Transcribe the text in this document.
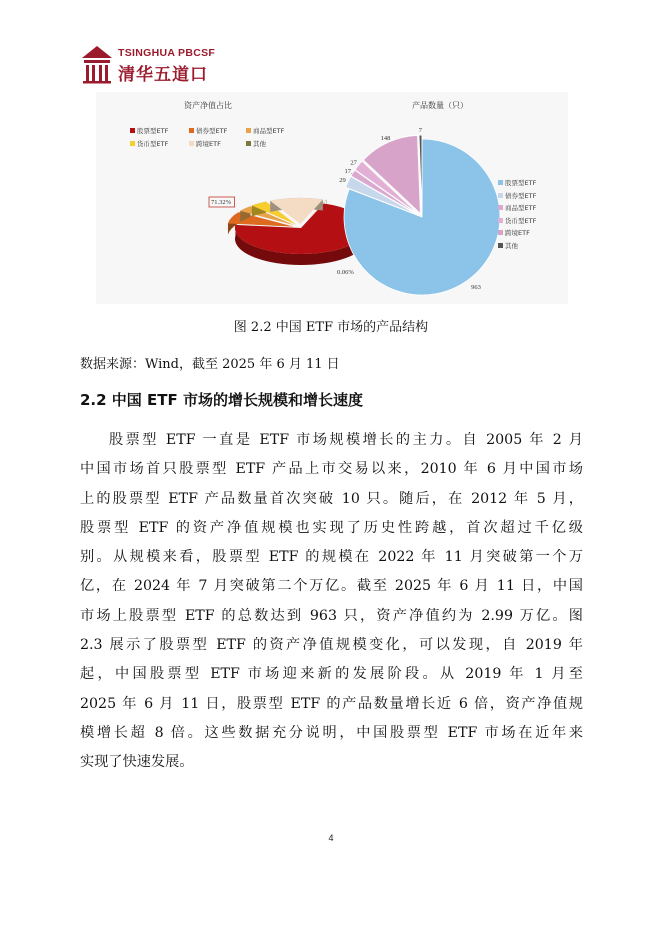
TSINGHUA PBCSF
清华五道口
资产净值占比
股票型ETF	债券型ETF	商品型ETF
货币型ETF	跨境ETF	其他
71.32%
0.06%
产品数量（只）
963
29
17
27
148
7
股票型ETF
债券型ETF
商品型ETF
货币型ETF
跨境ETF
其他
图 2.2 中国 ETF 市场的产品结构
数据来源：Wind，截至 2025 年 6 月 11 日
2.2 中国 ETF 市场的增长规模和增长速度
股票型 ETF 一直是 ETF 市场规模增长的主力。自 2005 年 2 月
中国市场首只股票型 ETF 产品上市交易以来，2010 年 6 月中国市场
上的股票型 ETF 产品数量首次突破 10 只。随后，在 2012 年 5 月，
股票型 ETF 的资产净值规模也实现了历史性跨越，首次超过千亿级
别。从规模来看，股票型 ETF 的规模在 2022 年 11 月突破第一个万
亿，在 2024 年 7 月突破第二个万亿。截至 2025 年 6 月 11 日，中国
市场上股票型 ETF 的总数达到 963 只，资产净值约为 2.99 万亿。图
2.3 展示了股票型 ETF 的资产净值规模变化，可以发现，自 2019 年
起，中国股票型 ETF 市场迎来新的发展阶段。从 2019 年 1 月至
2025 年 6 月 11 日，股票型 ETF 的产品数量增长近 6 倍，资产净值规
模增长超 8 倍。这些数据充分说明，中国股票型 ETF 市场在近年来
实现了快速发展。
4
